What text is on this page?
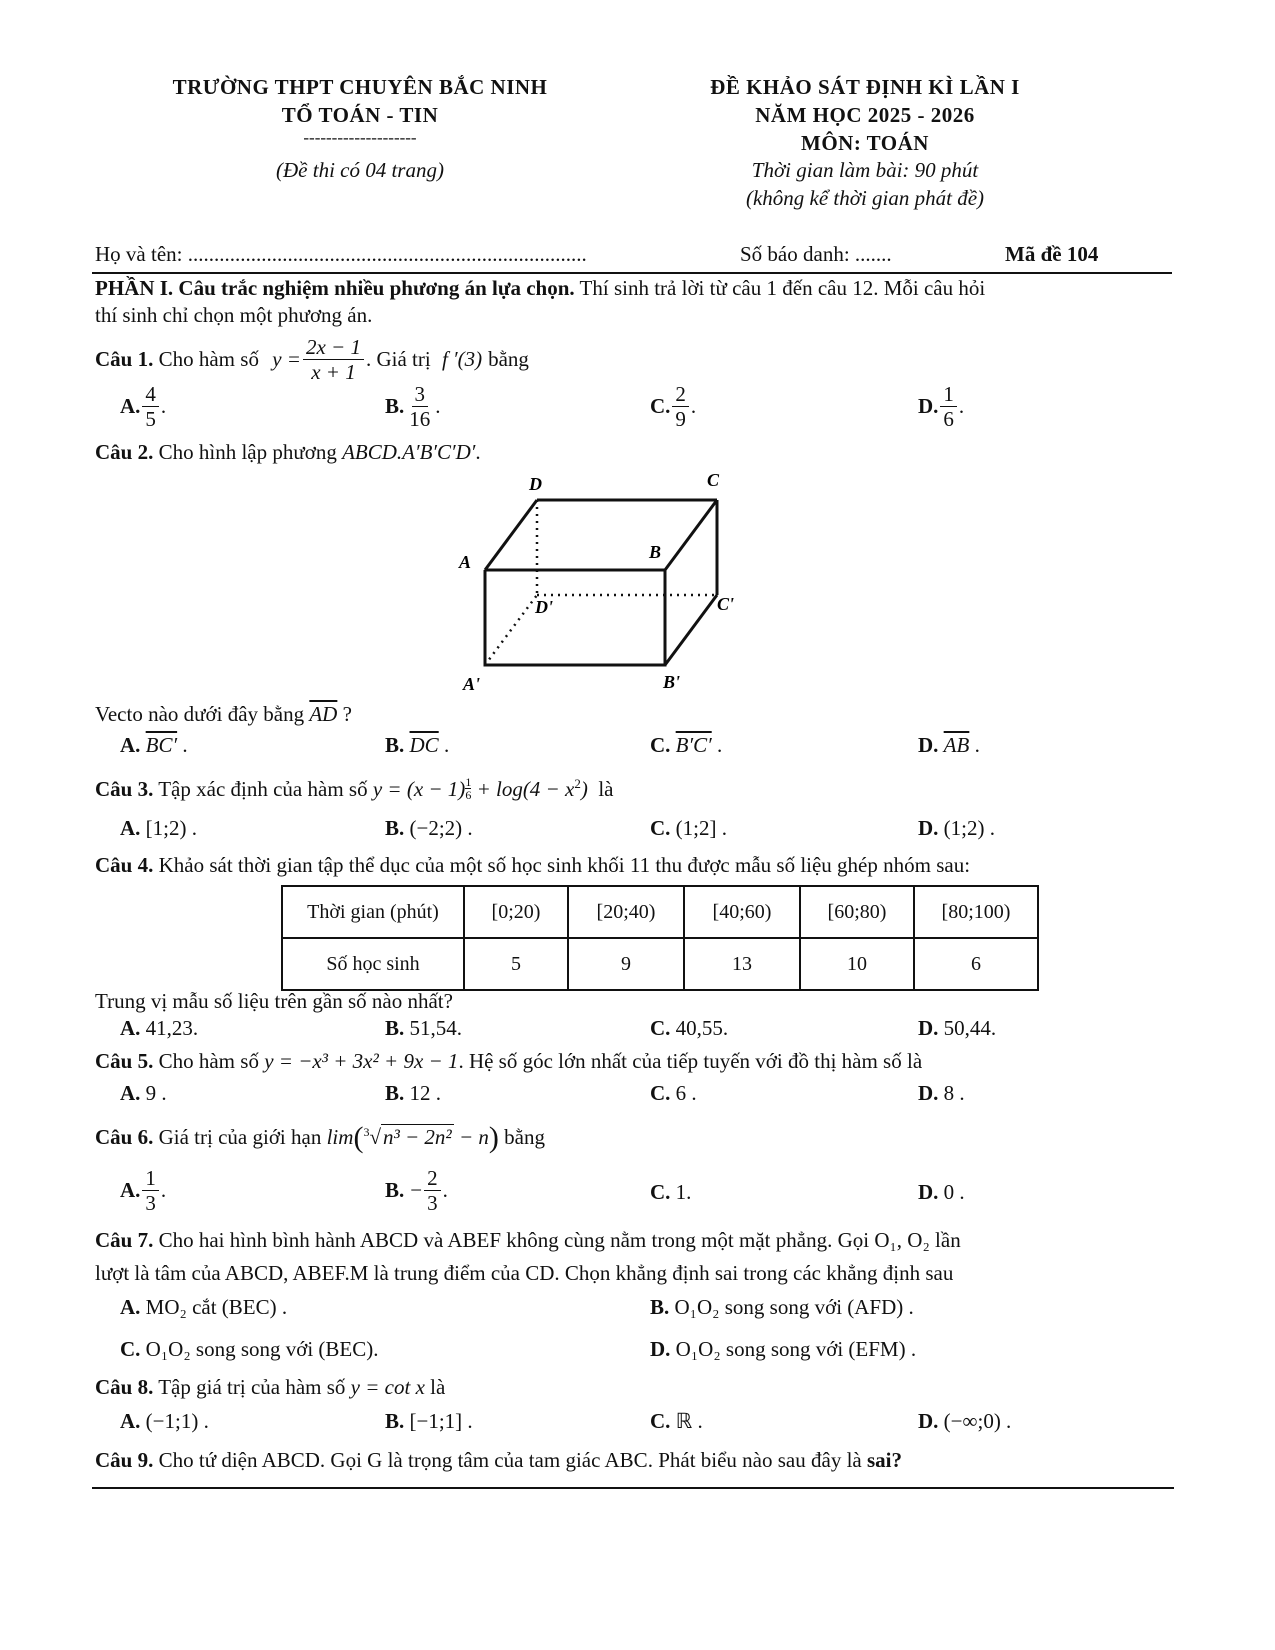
TRƯỜNG THPT CHUYÊN BẮC NINH
TỔ TOÁN - TIN
--------------------
(Đề thi có 04 trang)
ĐỀ KHẢO SÁT ĐỊNH KÌ LẦN I
NĂM HỌC 2025 - 2026
MÔN: TOÁN
Thời gian làm bài: 90 phút
(không kể thời gian phát đề)
Họ và tên: ............................................................................	Số báo danh: .......	Mã đề 104
PHẦN I. Câu trắc nghiệm nhiều phương án lựa chọn. Thí sinh trả lời từ câu 1 đến câu 12. Mỗi câu hỏi
thí sinh chỉ chọn một phương án.
Câu 1. Cho hàm số $y = \frac{2x - 1}{x + 1}$ . Giá trị f ′(3) bằng
A. $\frac{4}{5}$ .	B. $\frac{3}{16}$ .	C. $\frac{2}{9}$ .	D. $\frac{1}{6}$ .
Câu 2. Cho hình lập phương ABCD.A′B′C′D′.
D	C
A	B
D'	C'
A'	B'
Vecto nào dưới đây bằng $\overline{AD}$ ?
A. BC′ .	B. $\overline{DC}$ .	C. B′C′ .	D. $\overline{AB}$ .
Câu 3. Tập xác định của hàm số y = (x − 1) $^{\frac{1}{6}} + \log(4 - x^2)$  là
A. [1;2) .	B. (−2;2) .	C. (1;2] .	D. (1;2) .
Câu 4. Khảo sát thời gian tập thể dục của một số học sinh khối 11 thu được mẫu số liệu ghép nhóm sau:
Thời gian (phút)	[0;20)	[20;40)	[40;60)	[60;80)	[80;100)
Số học sinh	5	9	13	10	6
Trung vị mẫu số liệu trên gần số nào nhất?
A. 41,23.	B. 51,54.	C. 40,55.	D. 50,44.
Câu 5. Cho hàm số y = −x³ + 3x² + 9x − 1. Hệ số góc lớn nhất của tiếp tuyến với đồ thị hàm số là
A. 9 .	B. 12 .	C. 6 .	D. 8 .
Câu 6. Giá trị của giới hạn lim($^3$√n³ − 2n² − n) bằng
A. $\frac{1}{3}$ .	B. − $\frac{2}{3}$ .	C. 1.	D. 0 .
Câu 7. Cho hai hình bình hành ABCD và ABEF không cùng nằm trong một mặt phẳng. Gọi O₁, O₂ lần
lượt là tâm của ABCD, ABEF.M là trung điểm của CD. Chọn khẳng định sai trong các khẳng định sau
A. MO₂ cắt (BEC) .	B. O₁O₂ song song với (AFD) .
C. O₁O₂ song song với (BEC).	D. O₁O₂ song song với (EFM) .
Câu 8. Tập giá trị của hàm số y = cot x là
A. (−1;1) .	B. [−1;1] .	C. ℝ .	D. (−∞;0) .
Câu 9. Cho tứ diện ABCD. Gọi G là trọng tâm của tam giác ABC. Phát biểu nào sau đây là sai?
